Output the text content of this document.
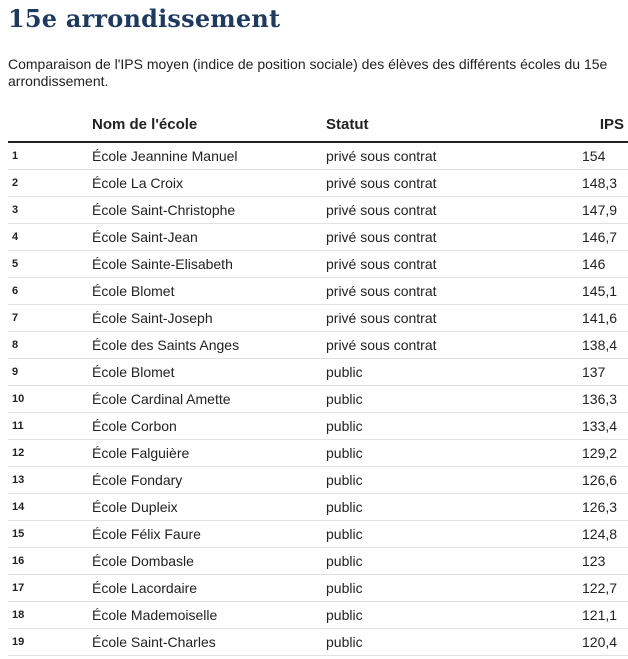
15e arrondissement

Comparaison de l'IPS moyen (indice de position sociale) des élèves des différents écoles du 15e arrondissement.

	Nom de l'école	Statut	IPS
1	École Jeannine Manuel	privé sous contrat	154
2	École La Croix	privé sous contrat	148,3
3	École Saint-Christophe	privé sous contrat	147,9
4	École Saint-Jean	privé sous contrat	146,7
5	École Sainte-Elisabeth	privé sous contrat	146
6	École Blomet	privé sous contrat	145,1
7	École Saint-Joseph	privé sous contrat	141,6
8	École des Saints Anges	privé sous contrat	138,4
9	École Blomet	public	137
10	École Cardinal Amette	public	136,3
11	École Corbon	public	133,4
12	École Falguière	public	129,2
13	École Fondary	public	126,6
14	École Dupleix	public	126,3
15	École Félix Faure	public	124,8
16	École Dombasle	public	123
17	École Lacordaire	public	122,7
18	École Mademoiselle	public	121,1
19	École Saint-Charles	public	120,4
